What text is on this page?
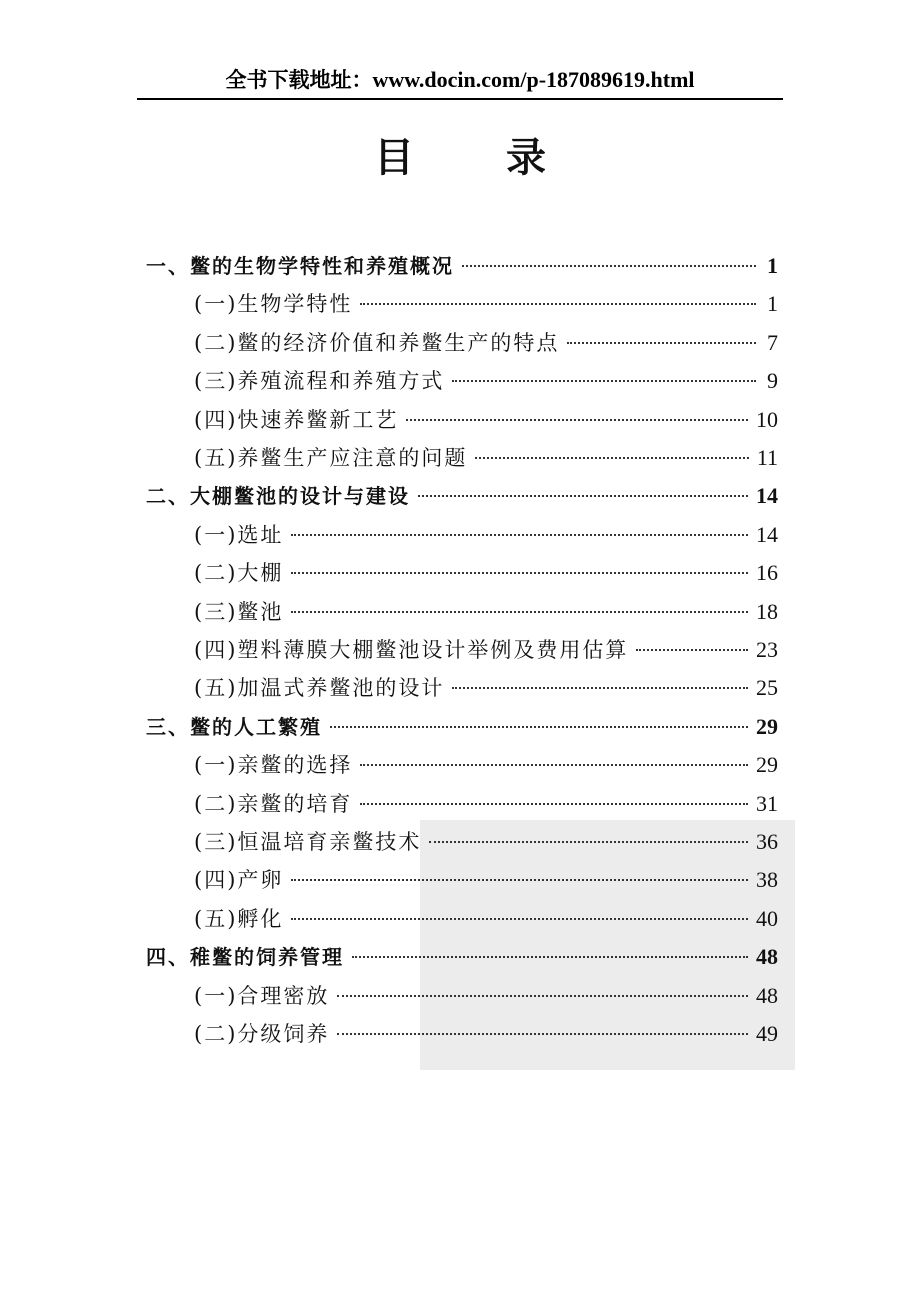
全书下载地址：www.docin.com/p-187089619.html
目录
一、鳖的生物学特性和养殖概况	1
(一)生物学特性	1
(二)鳖的经济价值和养鳖生产的特点	7
(三)养殖流程和养殖方式	9
(四)快速养鳖新工艺	10
(五)养鳖生产应注意的问题	11
二、大棚鳖池的设计与建设	14
(一)选址	14
(二)大棚	16
(三)鳖池	18
(四)塑料薄膜大棚鳖池设计举例及费用估算	23
(五)加温式养鳖池的设计	25
三、鳖的人工繁殖	29
(一)亲鳖的选择	29
(二)亲鳖的培育	31
(三)恒温培育亲鳖技术	36
(四)产卵	38
(五)孵化	40
四、稚鳖的饲养管理	48
(一)合理密放	48
(二)分级饲养	49
